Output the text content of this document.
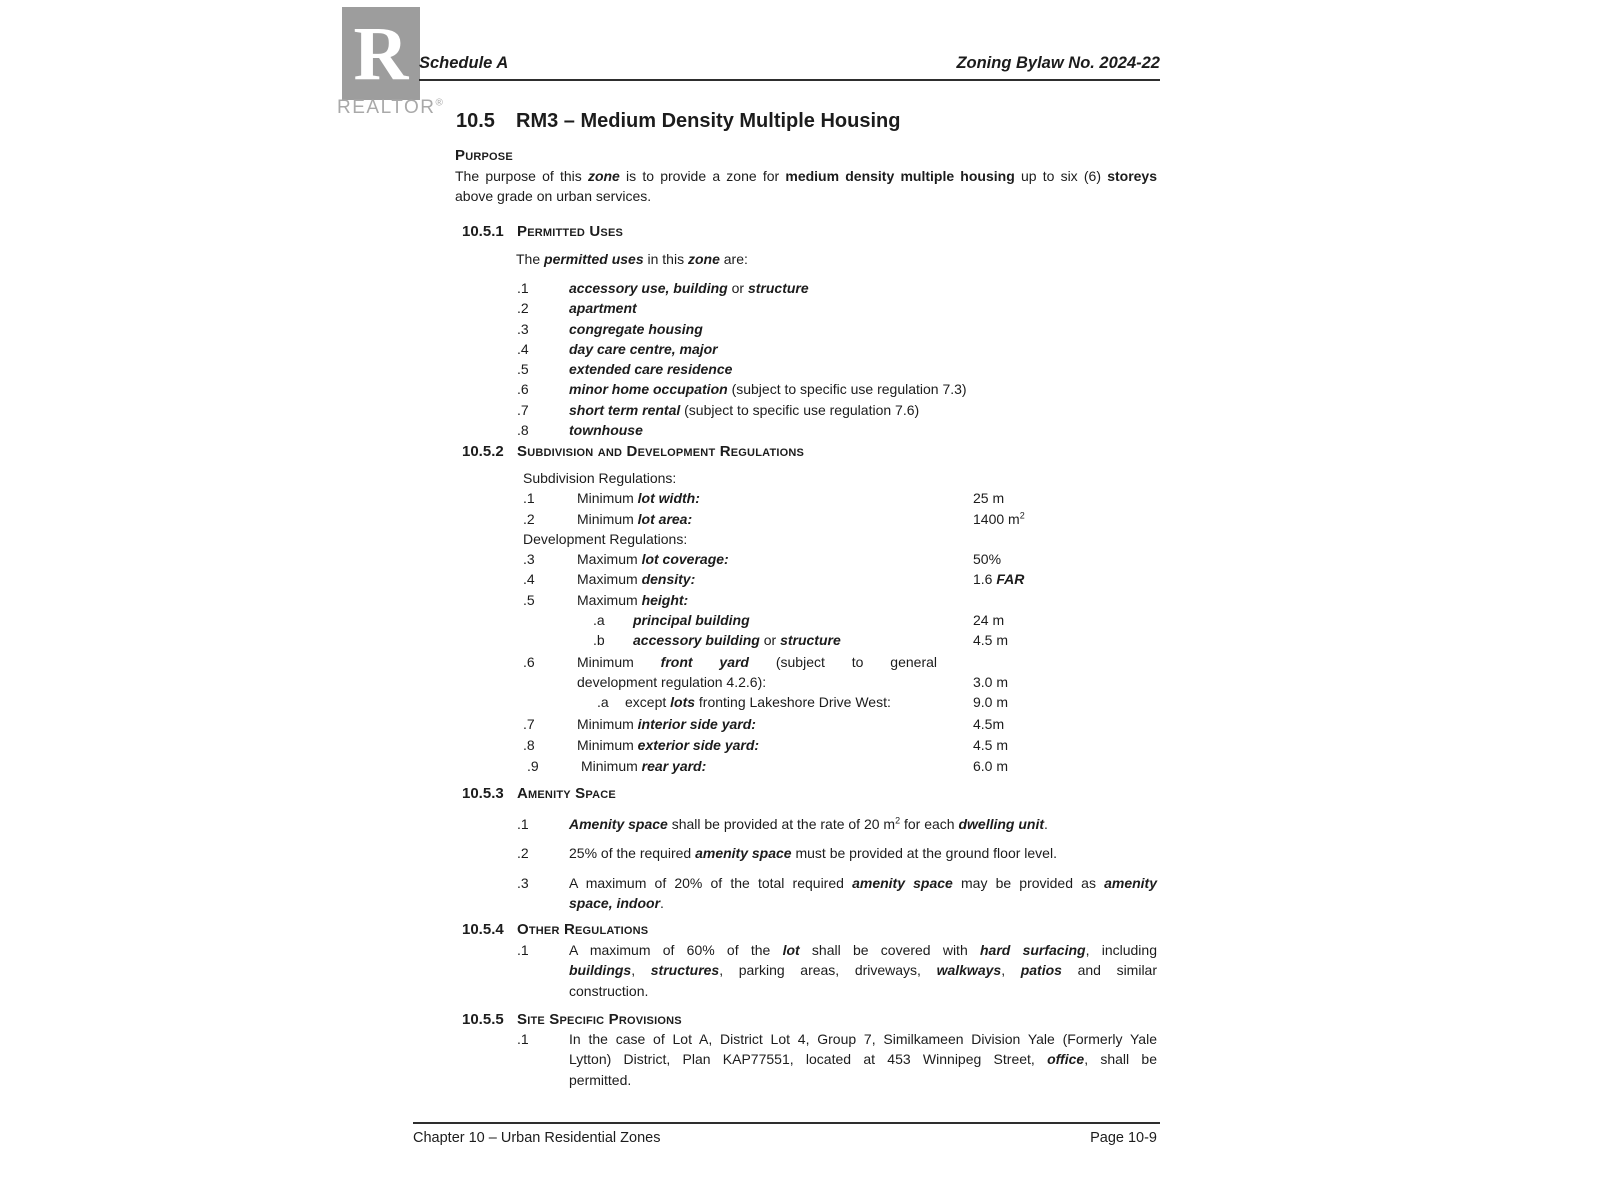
R
REALTOR®
Schedule A	Zoning Bylaw No. 2024-22
10.5 RM3 – Medium Density Multiple Housing
Purpose
The purpose of this zone is to provide a zone for medium density multiple housing up to six (6) storeys
above grade on urban services.
10.5.1 Permitted Uses
The permitted uses in this zone are:
.1	accessory use, building or structure
.2	apartment
.3	congregate housing
.4	day care centre, major
.5	extended care residence
.6	minor home occupation (subject to specific use regulation 7.3)
.7	short term rental (subject to specific use regulation 7.6)
.8	townhouse
10.5.2 Subdivision and Development Regulations
Subdivision Regulations:
.1	Minimum lot width:	25 m
.2	Minimum lot area:	1400 $m^2$
Development Regulations:
.3	Maximum lot coverage:	50%
.4	Maximum density:	1.6 FAR
.5	Maximum height:
.a principal building	24 m
.b accessory building or structure	4.5 m
.6	Minimum front yard (subject to general
development regulation 4.2.6):	3.0 m
.a except lots fronting Lakeshore Drive West:	9.0 m
.7	Minimum interior side yard:	4.5m
.8	Minimum exterior side yard:	4.5 m
.9	Minimum rear yard:	6.0 m
10.5.3 Amenity Space
.1	Amenity space shall be provided at the rate of 20 $m^2$ for each dwelling unit.
.2	25% of the required amenity space must be provided at the ground floor level.
.3	A maximum of 20% of the total required amenity space may be provided as amenity
space, indoor.
10.5.4 Other Regulations
.1	A maximum of 60% of the lot shall be covered with hard surfacing, including
buildings, structures, parking areas, driveways, walkways, patios and similar
construction.
10.5.5 Site Specific Provisions
.1	In the case of Lot A, District Lot 4, Group 7, Similkameen Division Yale (Formerly Yale
Lytton) District, Plan KAP77551, located at 453 Winnipeg Street, office, shall be
permitted.
Chapter 10 – Urban Residential Zones	Page 10-9
